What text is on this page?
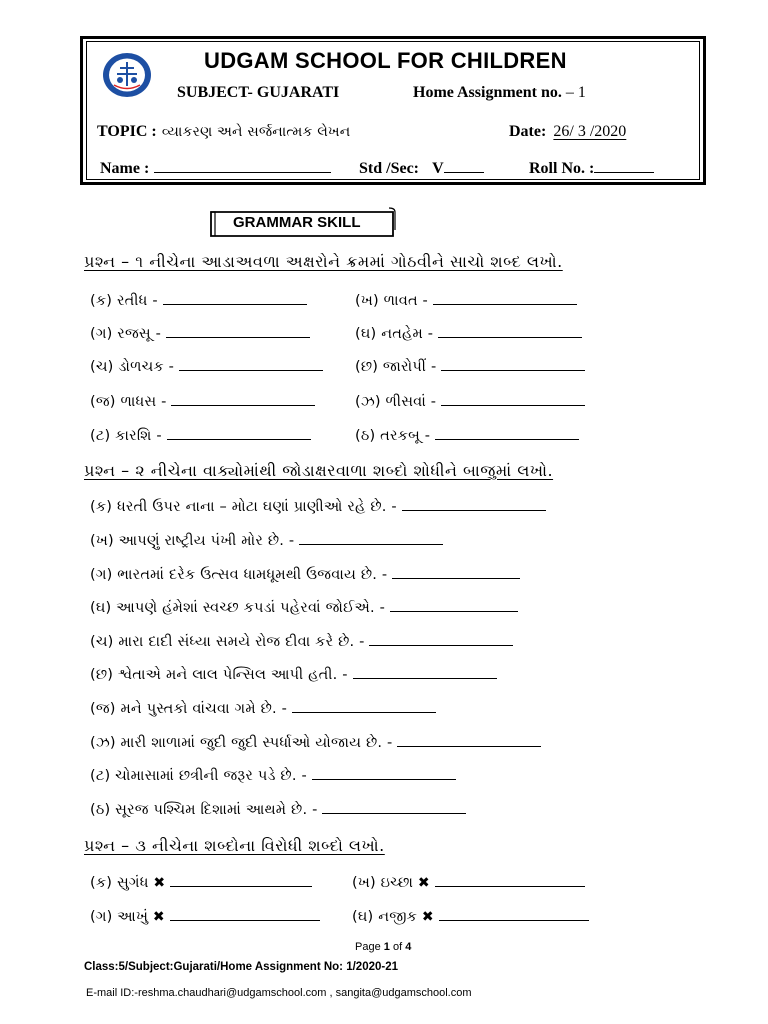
UDGAM SCHOOL FOR CHILDREN
SUBJECT- GUJARATI	Home Assignment no. – 1
TOPIC : વ્યાકરણ અને સર્જનાત્મક લેખન	Date: 26/ 3 /2020
Name :	Std /Sec: V	Roll No. :
GRAMMAR SKILL
પ્રશ્ન – ૧ નીચેના આડાઅવળા અક્ષરોને ક્રમમાં ગોઠવીને સાચો શબ્દ લખો.
(ક) રતીધ -	(ખ) ળાવત -
(ગ) રજસૂ -	(ઘ) નતહેમ -
(ચ) ડોળચક -	(છ) જારોપીં -
(જ) ળાધસ -	(ઝ) ળીસવાં -
(ટ) કારશિ -	(ઠ) તરકબૂ -
પ્રશ્ન – ૨ નીચેના વાક્યોમાંથી જોડાક્ષરવાળા શબ્દો શોધીને બાજુમાં લખો.
(ક) ધરતી ઉપર નાના – મોટા ઘણાં પ્રાણીઓ રહે છે. -
(ખ) આપણું રાષ્ટ્રીય પંખી મોર છે. -
(ગ) ભારતમાં દરેક ઉત્સવ ધામધૂમથી ઉજવાય છે. -
(ઘ) આપણે હંમેશાં સ્વચ્છ કપડાં પહેરવાં જોઈએ. -
(ચ) મારા દાદી સંધ્યા સમયે રોજ દીવા કરે છે. -
(છ) શ્વેતાએ મને લાલ પેન્સિલ આપી હતી. -
(જ) મને પુસ્તકો વાંચવા ગમે છે. -
(ઝ) મારી શાળામાં જુદી જુદી સ્પર્ધાઓ યોજાય છે. -
(ટ) ચોમાસામાં છત્રીની જરૂર પડે છે. -
(ઠ) સૂરજ પશ્ચિમ દિશામાં આથમે છે. -
પ્રશ્ન – ૩ નીચેના શબ્દોના વિરોધી શબ્દો લખો.
(ક) સુગંધ ✖	(ખ) ઇચ્છા ✖
(ગ) આખું ✖	(ઘ) નજીક ✖
Page 1 of 4
Class:5/Subject:Gujarati/Home Assignment No: 1/2020-21
E-mail ID:-reshma.chaudhari@udgamschool.com , sangita@udgamschool.com
